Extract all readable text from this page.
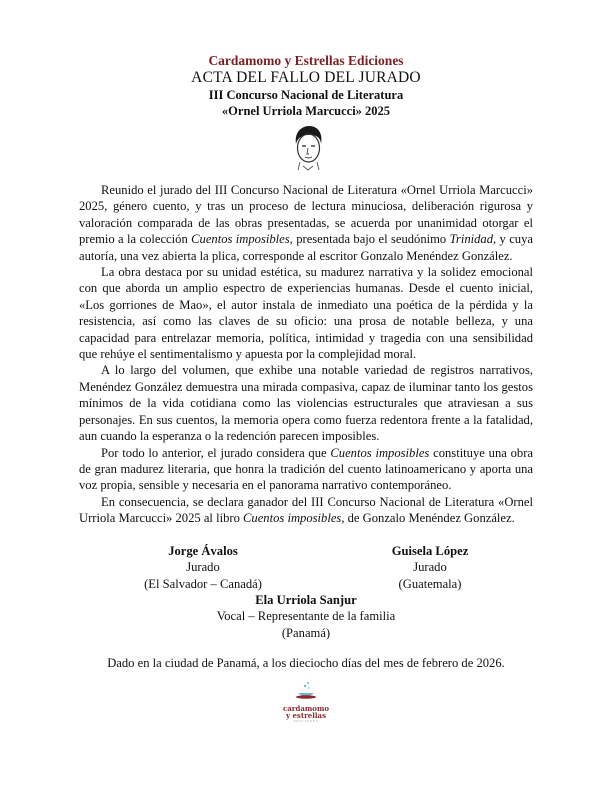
Cardamomo y Estrellas Ediciones
ACTA DEL FALLO DEL JURADO
III Concurso Nacional de Literatura
«Ornel Urriola Marcucci» 2025

Reunido el jurado del III Concurso Nacional de Literatura «Ornel Urriola Marcucci» 2025, género cuento, y tras un proceso de lectura minuciosa, deliberación rigurosa y valoración comparada de las obras presentadas, se acuerda por unanimidad otorgar el premio a la colección Cuentos imposibles, presentada bajo el seudónimo Trinidad, y cuya autoría, una vez abierta la plica, corresponde al escritor Gonzalo Menéndez González.

La obra destaca por su unidad estética, su madurez narrativa y la solidez emocional con que aborda un amplio espectro de experiencias humanas. Desde el cuento inicial, «Los gorriones de Mao», el autor instala de inmediato una poética de la pérdida y la resistencia, así como las claves de su oficio: una prosa de notable belleza, y una capacidad para entrelazar memoria, política, intimidad y tragedia con una sensibilidad que rehúye el sentimentalismo y apuesta por la complejidad moral.

A lo largo del volumen, que exhibe una notable variedad de registros narrativos, Menéndez González demuestra una mirada compasiva, capaz de iluminar tanto los gestos mínimos de la vida cotidiana como las violencias estructurales que atraviesan a sus personajes. En sus cuentos, la memoria opera como fuerza redentora frente a la fatalidad, aun cuando la esperanza o la redención parecen imposibles.

Por todo lo anterior, el jurado considera que Cuentos imposibles constituye una obra de gran madurez literaria, que honra la tradición del cuento latinoamericano y aporta una voz propia, sensible y necesaria en el panorama narrativo contemporáneo.

En consecuencia, se declara ganador del III Concurso Nacional de Literatura «Ornel Urriola Marcucci» 2025 al libro Cuentos imposibles, de Gonzalo Menéndez González.

Jorge Ávalos
Jurado
(El Salvador – Canadá)
Guisela López
Jurado
(Guatemala)
Ela Urriola Sanjur
Vocal – Representante de la familia
(Panamá)
Dado en la ciudad de Panamá, a los dieciocho días del mes de febrero de 2026.
cardamomo
y estrellas
EDICIONES
